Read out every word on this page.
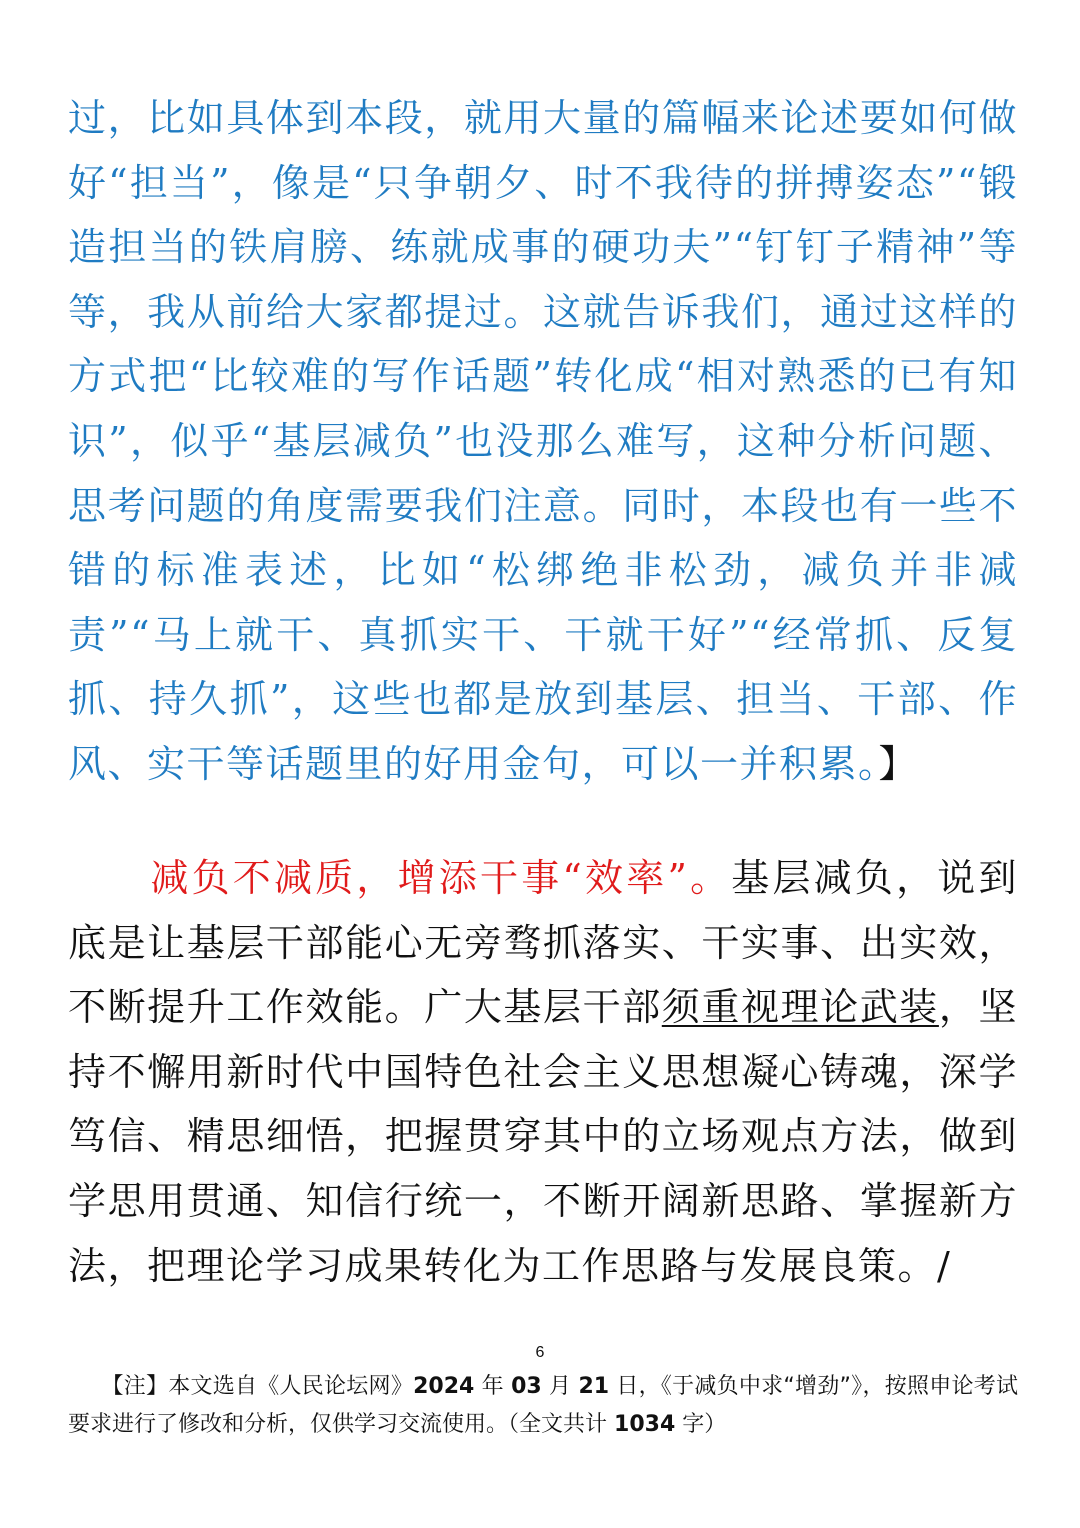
过，比如具体到本段，就用大量的篇幅来论述要如何做好“担当”，像是“只争朝夕、时不我待的拼搏姿态”“锻造担当的铁肩膀、练就成事的硬功夫”“钉钉子精神”等等，我从前给大家都提过。这就告诉我们，通过这样的方式把“比较难的写作话题”转化成“相对熟悉的已有知识”，似乎“基层减负”也没那么难写，这种分析问题、思考问题的角度需要我们注意。同时，本段也有一些不错的标准表述，比如“松绑绝非松劲，减负并非减责”“马上就干、真抓实干、干就干好”“经常抓、反复抓、持久抓”，这些也都是放到基层、担当、干部、作风、实干等话题里的好用金句，可以一并积累。】

　　减负不减质，增添干事“效率”。基层减负，说到底是让基层干部能心无旁骛抓落实、干实事、出实效，不断提升工作效能。广大基层干部须重视理论武装，坚持不懈用新时代中国特色社会主义思想凝心铸魂，深学笃信、精思细悟，把握贯穿其中的立场观点方法，做到学思用贯通、知信行统一，不断开阔新思路、掌握新方法，把理论学习成果转化为工作思路与发展良策。/

6

　　【注】本文选自《人民论坛网》2024 年 03 月 21 日，《于减负中求“增劲”》，按照申论考试要求进行了修改和分析，仅供学习交流使用。（全文共计 1034 字）
